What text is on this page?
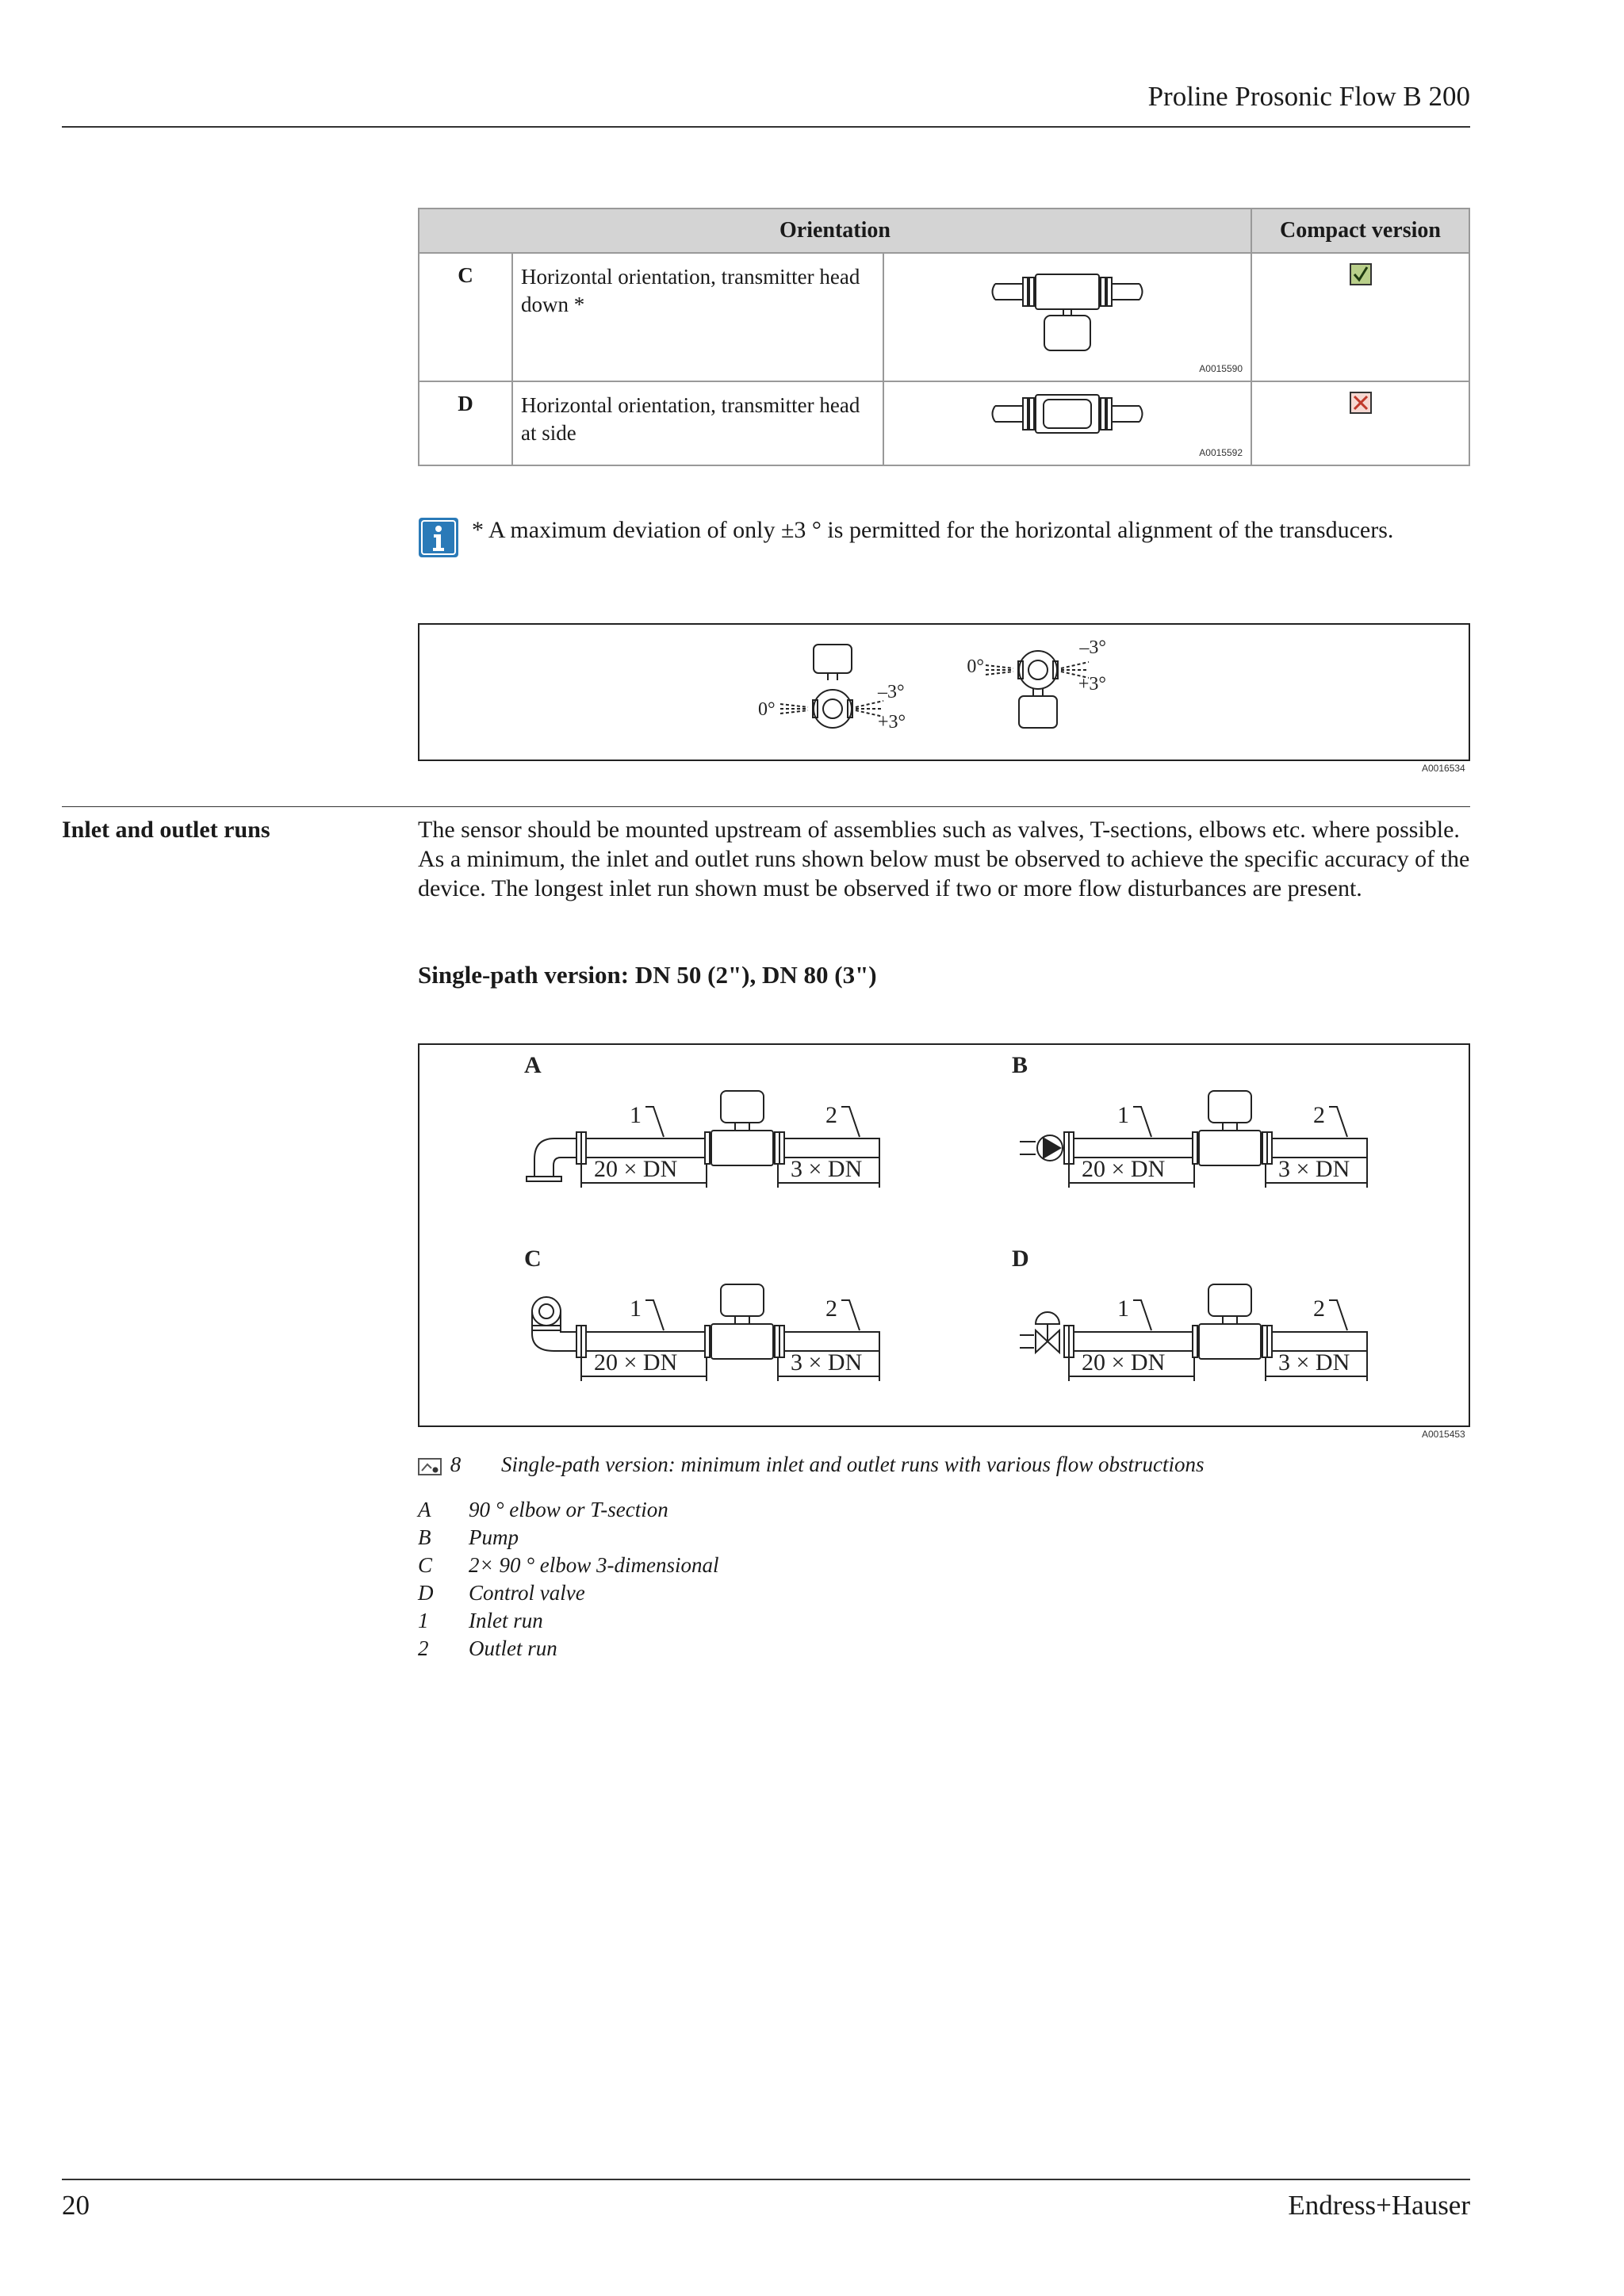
Proline Prosonic Flow B 200
Orientation			Compact version
C	Horizontal orientation, transmitter head down *	A0015590

D	Horizontal orientation, transmitter head at side	A0015592

* A maximum deviation of only ±3 ° is permitted for the horizontal alignment of the transducers.
0°
–3°
+3°
0°
–3°
+3°
A0016534
Inlet and outlet runs	The sensor should be mounted upstream of assemblies such as valves, T-sections, elbows etc. where possible. As a minimum, the inlet and outlet runs shown below must be observed to achieve the specific accuracy of the device. The longest inlet run shown must be observed if two or more flow disturbances are present.
Single-path version: DN 50 (2"), DN 80 (3")
A
1	2
20 × DN	3 × DN
B
1	2
20 × DN	3 × DN
C
1	2
20 × DN	3 × DN
D
1	2
20 × DN	3 × DN
A0015453
8 Single-path version: minimum inlet and outlet runs with various flow obstructions
A 90 ° elbow or T-section
B Pump
C 2× 90 ° elbow 3-dimensional
D Control valve
1 Inlet run
2 Outlet run
20	Endress+Hauser
